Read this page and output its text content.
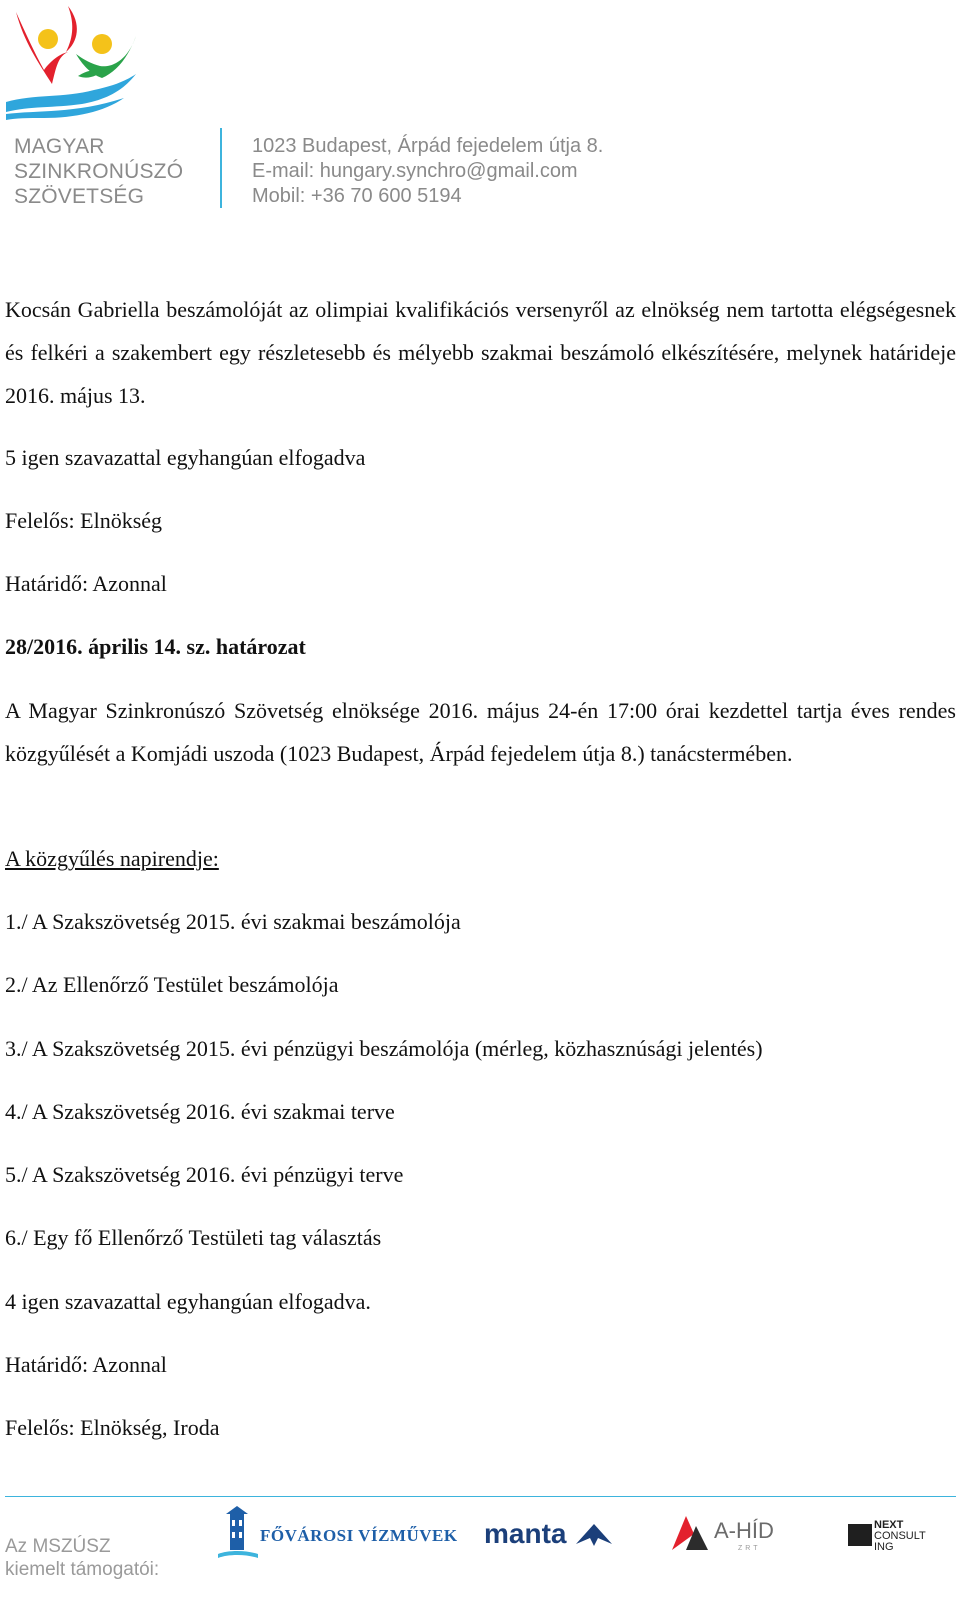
MAGYAR
SZINKRONÚSZÓ
SZÖVETSÉG
1023 Budapest, Árpád fejedelem útja 8.
E-mail: hungary.synchro@gmail.com
Mobil: +36 70 600 5194
Kocsán Gabriella beszámolóját az olimpiai kvalifikációs versenyről az elnökség nem tartotta elégségesnek és felkéri a szakembert egy részletesebb és mélyebb szakmai beszámoló elkészítésére, melynek határideje 2016. május 13.
5 igen szavazattal egyhangúan elfogadva
Felelős: Elnökség
Határidő: Azonnal
28/2016. április 14. sz. határozat
A Magyar Szinkronúszó Szövetség elnöksége 2016. május 24-én 17:00 órai kezdettel tartja éves rendes közgyűlését a Komjádi uszoda (1023 Budapest, Árpád fejedelem útja 8.) tanácstermében.
A közgyűlés napirendje:
1./ A Szakszövetség 2015. évi szakmai beszámolója
2./ Az Ellenőrző Testület beszámolója
3./ A Szakszövetség 2015. évi pénzügyi beszámolója (mérleg, közhasznúsági jelentés)
4./ A Szakszövetség 2016. évi szakmai terve
5./ A Szakszövetség 2016. évi pénzügyi terve
6./ Egy fő Ellenőrző Testületi tag választás
4 igen szavazattal egyhangúan elfogadva.
Határidő: Azonnal
Felelős: Elnökség, Iroda
Az MSZÚSZ
kiemelt támogatói:
FŐVÁROSI VÍZMŰVEK manta	A-HÍD
ZRT
NEXT
CONSULT
ING
